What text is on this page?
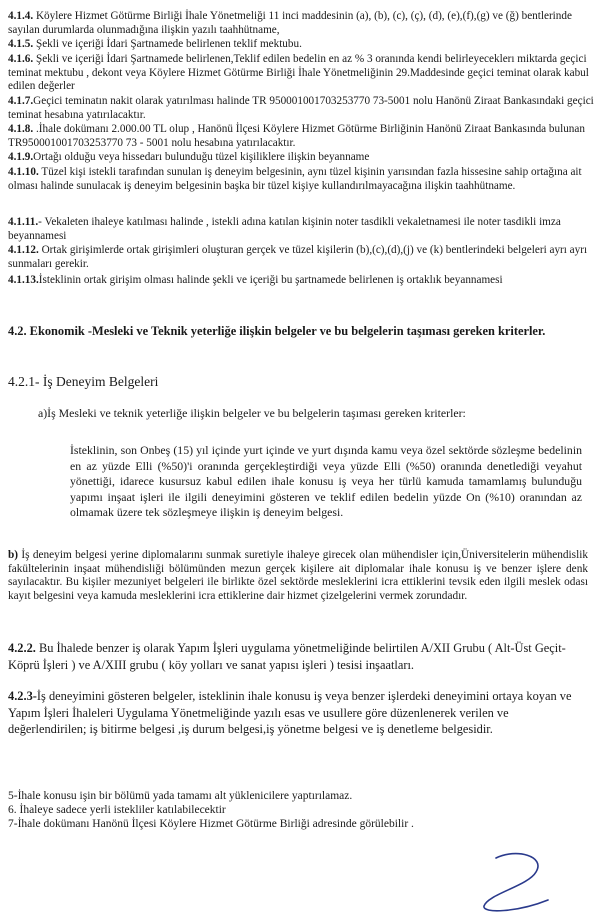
4.1.4. Köylere Hizmet Götürme Birliği İhale Yönetmeliği 11 inci maddesinin (a), (b), (c), (ç), (d), (e),(f),(g) ve (ğ) bentlerinde sayılan durumlarda olunmadığına ilişkin yazılı taahhütname,
4.1.5. Şekli ve içeriği İdari Şartnamede belirlenen teklif mektubu.
4.1.6. Şekli ve içeriği İdari Şartnamede belirlenen,Teklif edilen bedelin en az % 3 oranında kendi belirleyeceklerı miktarda geçici teminat mektubu , dekont veya Köylere Hizmet Götürme Birliği İhale Yönetmeliğinin 29.Maddesinde geçici teminat olarak kabul edilen değerler
4.1.7.Geçici teminatın nakit olarak yatırılması halinde TR 950001001703253770 73-5001 nolu Hanönü Ziraat Bankasındaki geçici teminat hesabına yatırılacaktır.
4.1.8. .İhale dokümanı 2.000.00 TL olup , Hanönü İlçesi Köylere Hizmet Götürme Birliğinin Hanönü Ziraat Bankasında bulunan TR950001001703253770 73 - 5001 nolu hesabına yatırılacaktır.
4.1.9.Ortağı olduğu veya hissedarı bulunduğu tüzel kişiliklere ilişkin beyanname
4.1.10. Tüzel kişi istekli tarafından sunulan iş deneyim belgesinin, aynı tüzel kişinin yarısından fazla hissesine sahip ortağına ait olması halinde sunulacak iş deneyim belgesinin başka bir tüzel kişiye kullandırılmayacağına ilişkin taahhütname.
4.1.11.- Vekaleten ihaleye katılması halinde , istekli adına katılan kişinin noter tasdikli vekaletnamesi ile noter tasdikli imza beyannamesi
4.1.12. Ortak girişimlerde ortak girişimleri oluşturan gerçek ve tüzel kişilerin (b),(c),(d),(j) ve (k) bentlerindeki belgeleri ayrı ayrı sunmaları gerekir.
4.1.13.İsteklinin ortak girişim olması halinde şekli ve içeriği bu şartnamede belirlenen iş ortaklık beyannamesi
4.2. Ekonomik -Mesleki ve Teknik yeterliğe ilişkin belgeler ve bu belgelerin taşıması gereken kriterler.
4.2.1- İş Deneyim Belgeleri
a)İş Mesleki ve teknik yeterliğe ilişkin belgeler ve bu belgelerin taşıması gereken kriterler:
İsteklinin, son Onbeş (15) yıl içinde yurt içinde ve yurt dışında kamu veya özel sektörde sözleşme bedelinin en az yüzde Elli (%50)'i oranında gerçekleştirdiği veya yüzde Elli (%50) oranında denetlediği veyahut yönettiği, idarece kusursuz kabul edilen ihale konusu iş veya her türlü kamuda tamamlamış bulunduğu yapımı inşaat işleri ile ilgili deneyimini gösteren ve teklif edilen bedelin yüzde On (%10) oranından az olmamak üzere tek sözleşmeye ilişkin iş deneyim belgesi.
b) İş deneyim belgesi yerine diplomalarını sunmak suretiyle ihaleye girecek olan mühendisler için,Üniversitelerin mühendislik fakültelerinin inşaat mühendisliği bölümünden mezun gerçek kişilere ait diplomalar ihale konusu iş ve benzer işlere denk sayılacaktır. Bu kişiler mezuniyet belgeleri ile birlikte özel sektörde mesleklerini icra ettiklerini tevsik eden ilgili meslek odası kayıt belgesini veya kamuda mesleklerini icra ettiklerine dair hizmet çizelgelerini vermek zorundadır.
4.2.2. Bu İhalede benzer iş olarak Yapım İşleri uygulama yönetmeliğinde belirtilen A/XII Grubu ( Alt-Üst Geçit-Köprü İşleri ) ve A/XIII grubu ( köy yolları ve sanat yapısı işleri ) tesisi inşaatları.
4.2.3-İş deneyimini gösteren belgeler, isteklinin ihale konusu iş veya benzer işlerdeki deneyimini ortaya koyan ve Yapım İşleri İhaleleri Uygulama Yönetmeliğinde yazılı esas ve usullere göre düzenlenerek verilen ve değerlendirilen; iş bitirme belgesi ,iş durum belgesi,iş yönetme belgesi ve iş denetleme belgesidir.
5-İhale konusu işin bir bölümü yada tamamı alt yüklenicilere yaptırılamaz.
6. İhaleye sadece yerli istekliler katılabilecektir
7-İhale dokümanı Hanönü İlçesi Köylere Hizmet Götürme Birliği adresinde görülebilir .
